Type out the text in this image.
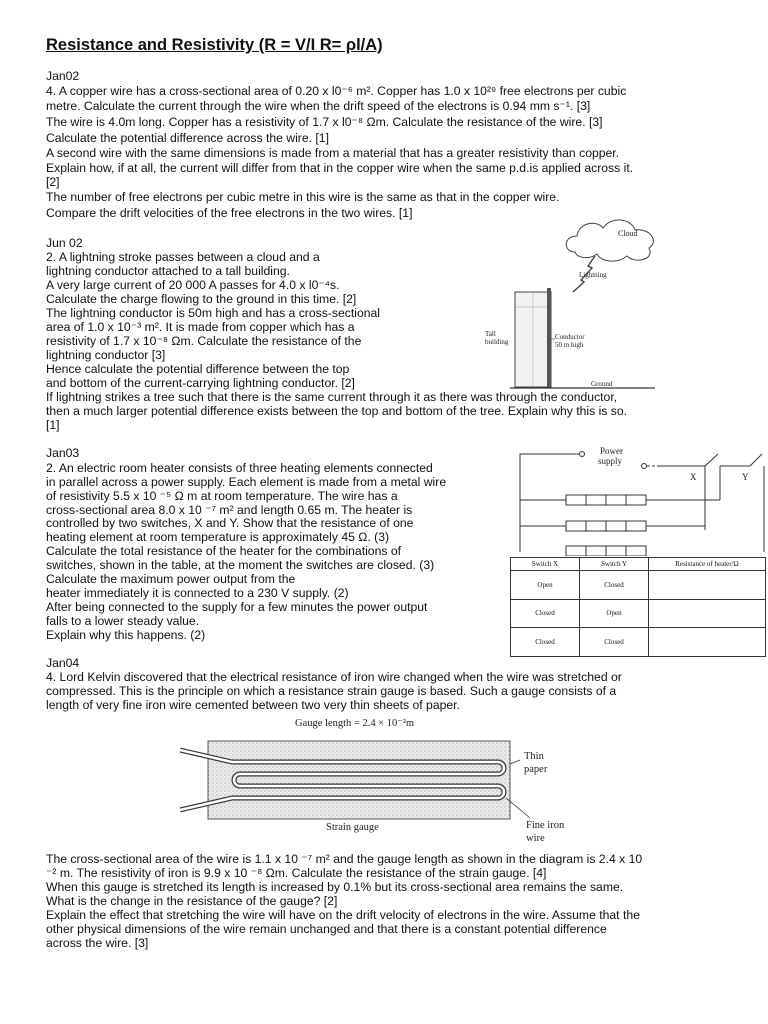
Resistance and Resistivity (R = V/I R= ρl/A)
Jan02
4. A copper wire has a cross-sectional area of 0.20 x l0⁻⁶ m². Copper has 1.0 x 10²⁹ free electrons per cubic
metre. Calculate the current through the wire when the drift speed of the electrons is 0.94 mm s⁻¹. [3]
The wire is 4.0m long. Copper has a resistivity of 1.7 x l0⁻⁸ Ωm. Calculate the resistance of the wire. [3]
Calculate the potential difference across the wire. [1]
A second wire with the same dimensions is made from a material that has a greater resistivity than copper.
Explain how, if at all, the current will differ from that in the copper wire when the same p.d.is applied across it.
[2]
The number of free electrons per cubic metre in this wire is the same as that in the copper wire.
Compare the drift velocities of the free electrons in the two wires. [1]
Jun 02
2. A lightning stroke passes between a cloud and a
lightning conductor attached to a tall building.
A very large current of 20 000 A passes for 4.0 x l0⁻⁴s.
Calculate the charge flowing to the ground in this time. [2]
The lightning conductor is 50m high and has a cross-sectional
area of 1.0 x 10⁻³ m². It is made from copper which has a
resistivity of 1.7 x 10⁻⁸ Ωm. Calculate the resistance of the
lightning conductor [3]
Hence calculate the potential difference between the top
and bottom of the current-carrying lightning conductor. [2]
If lightning strikes a tree such that there is the same current through it as there was through the conductor,
then a much larger potential difference exists between the top and bottom of the tree. Explain why this is so.
[1]
Cloud
Lightning
Tall
building
Conductor
50 m high
Ground
Jan03
2. An electric room heater consists of three heating elements connected
in parallel across a power supply. Each element is made from a metal wire
of resistivity 5.5 x 10 ⁻⁵ Ω m at room temperature. The wire has a
cross-sectional area 8.0 x 10 ⁻⁷ m² and length 0.65 m. The heater is
controlled by two switches, X and Y. Show that the resistance of one
heating element at room temperature is approximately 45 Ω. (3)
Calculate the total resistance of the heater for the combinations of
switches, shown in the table, at the moment the switches are closed. (3)
Calculate the maximum power output from the
heater immediately it is connected to a 230 V supply. (2)
After being connected to the supply for a few minutes the power output
falls to a lower steady value.
Explain why this happens. (2)
Power
supply
X	Y
Switch X	Switch Y	Resistance of heater/Ω
Open	Closed	
Closed	Open	
Closed	Closed	
Jan04
4. Lord Kelvin discovered that the electrical resistance of iron wire changed when the wire was stretched or
compressed. This is the principle on which a resistance strain gauge is based. Such a gauge consists of a
length of very fine iron wire cemented between two very thin sheets of paper.
Gauge length = 2.4 × 10⁻²m
Thin
paper
Fine iron
wire
Strain gauge
The cross-sectional area of the wire is 1.1 x 10 ⁻⁷ m² and the gauge length as shown in the diagram is 2.4 x 10
⁻² m. The resistivity of iron is 9.9 x 10 ⁻⁸ Ωm. Calculate the resistance of the strain gauge. [4]
When this gauge is stretched its length is increased by 0.1% but its cross-sectional area remains the same.
What is the change in the resistance of the gauge? [2]
Explain the effect that stretching the wire will have on the drift velocity of electrons in the wire. Assume that the
other physical dimensions of the wire remain unchanged and that there is a constant potential difference
across the wire. [3]
